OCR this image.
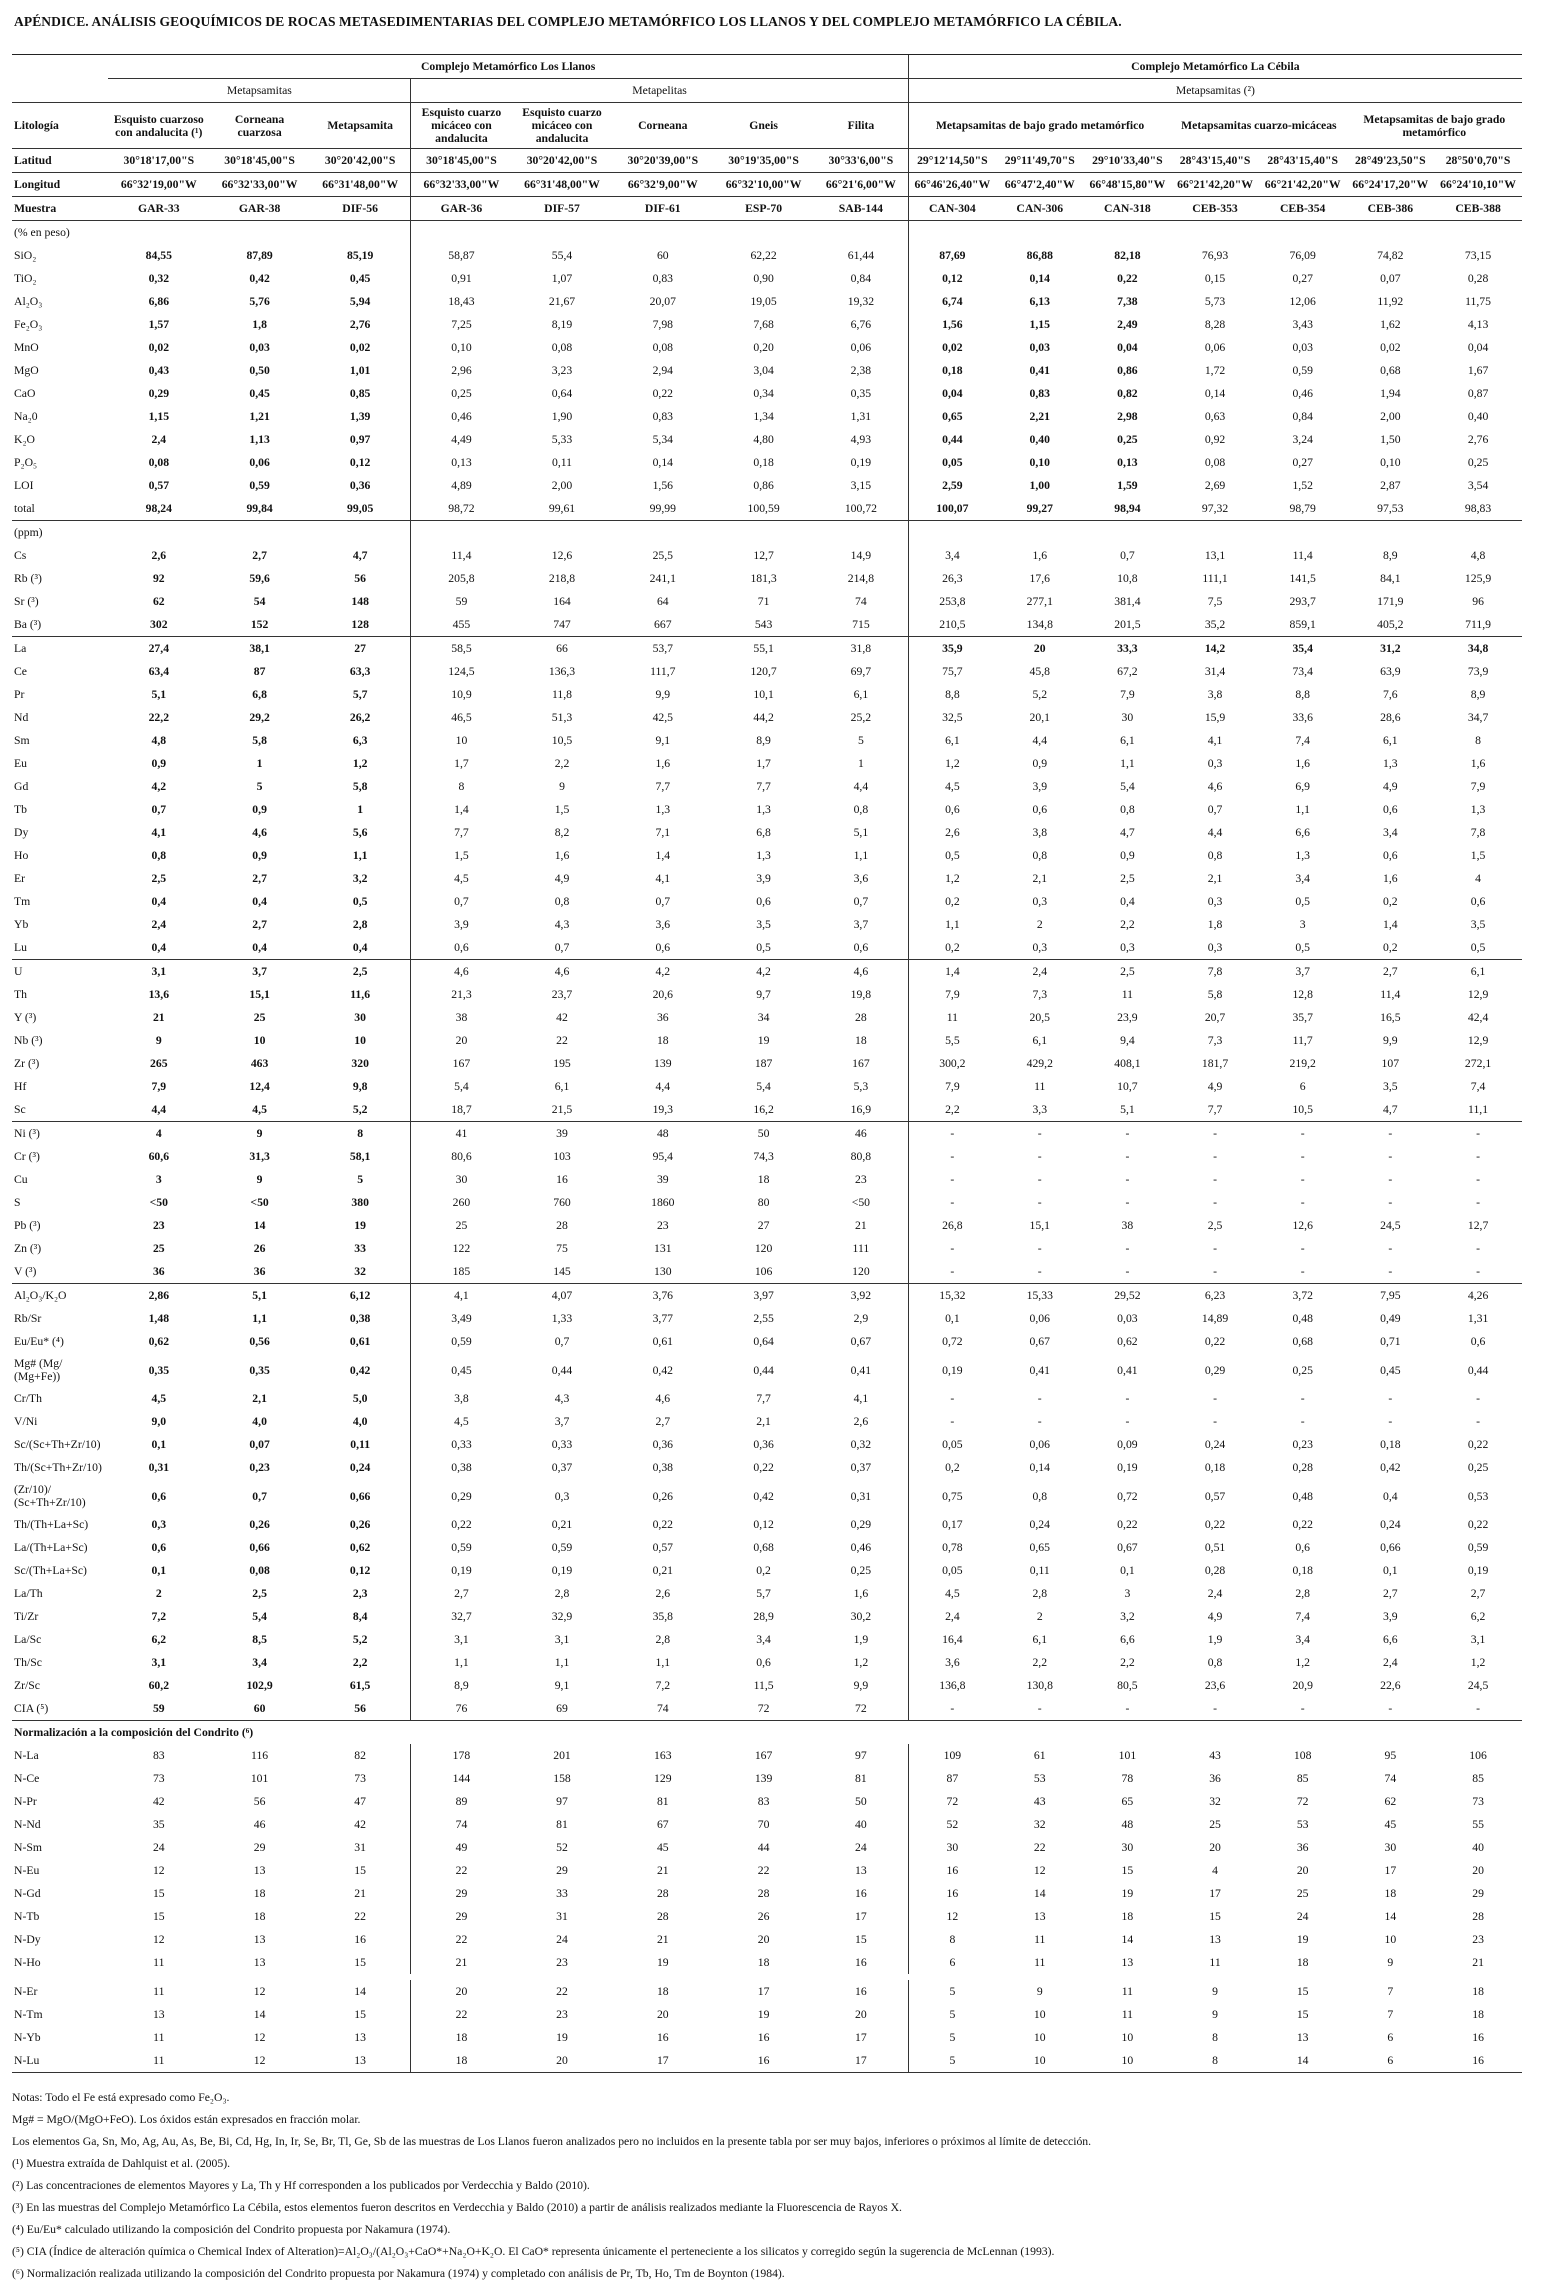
APÉNDICE. ANÁLISIS GEOQUÍMICOS DE ROCAS METASEDIMENTARIAS DEL COMPLEJO METAMÓRFICO LOS LLANOS Y DEL COMPLEJO METAMÓRFICO LA CÉBILA.
	Complejo Metamórfico Los Llanos								Complejo Metamórfico La Cébila						
	Metapsamitas			Metapelitas					Metapsamitas (²)						
Litología	Esquisto cuarzoso con andalucita (¹)	Corneana cuarzosa	Metapsamita	Esquisto cuarzo micáceo con andalucita	Esquisto cuarzo micáceo con andalucita	Corneana	Gneis	Filita	Metapsamitas de bajo grado metamórfico			Metapsamitas cuarzo-micáceas		Metapsamitas de bajo grado metamórfico	
Latitud	30°18'17,00"S	30°18'45,00"S	30°20'42,00"S	30°18'45,00"S	30°20'42,00"S	30°20'39,00"S	30°19'35,00"S	30°33'6,00"S	29°12'14,50"S	29°11'49,70"S	29°10'33,40"S	28°43'15,40"S	28°43'15,40"S	28°49'23,50"S	28°50'0,70"S
Longitud	66°32'19,00"W	66°32'33,00"W	66°31'48,00"W	66°32'33,00"W	66°31'48,00"W	66°32'9,00"W	66°32'10,00"W	66°21'6,00"W	66°46'26,40"W	66°47'2,40"W	66°48'15,80"W	66°21'42,20"W	66°21'42,20"W	66°24'17,20"W	66°24'10,10"W
Muestra	GAR-33	GAR-38	DIF-56	GAR-36	DIF-57	DIF-61	ESP-70	SAB-144	CAN-304	CAN-306	CAN-318	CEB-353	CEB-354	CEB-386	CEB-388
(% en peso)															
SiO₂	84,55	87,89	85,19	58,87	55,4	60	62,22	61,44	87,69	86,88	82,18	76,93	76,09	74,82	73,15
TiO₂	0,32	0,42	0,45	0,91	1,07	0,83	0,90	0,84	0,12	0,14	0,22	0,15	0,27	0,07	0,28
Al₂O₃	6,86	5,76	5,94	18,43	21,67	20,07	19,05	19,32	6,74	6,13	7,38	5,73	12,06	11,92	11,75
Fe₂O₃	1,57	1,8	2,76	7,25	8,19	7,98	7,68	6,76	1,56	1,15	2,49	8,28	3,43	1,62	4,13
MnO	0,02	0,03	0,02	0,10	0,08	0,08	0,20	0,06	0,02	0,03	0,04	0,06	0,03	0,02	0,04
MgO	0,43	0,50	1,01	2,96	3,23	2,94	3,04	2,38	0,18	0,41	0,86	1,72	0,59	0,68	1,67
CaO	0,29	0,45	0,85	0,25	0,64	0,22	0,34	0,35	0,04	0,83	0,82	0,14	0,46	1,94	0,87
Na₂0	1,15	1,21	1,39	0,46	1,90	0,83	1,34	1,31	0,65	2,21	2,98	0,63	0,84	2,00	0,40
K₂O	2,4	1,13	0,97	4,49	5,33	5,34	4,80	4,93	0,44	0,40	0,25	0,92	3,24	1,50	2,76
P₂O₅	0,08	0,06	0,12	0,13	0,11	0,14	0,18	0,19	0,05	0,10	0,13	0,08	0,27	0,10	0,25
LOI	0,57	0,59	0,36	4,89	2,00	1,56	0,86	3,15	2,59	1,00	1,59	2,69	1,52	2,87	3,54
total	98,24	99,84	99,05	98,72	99,61	99,99	100,59	100,72	100,07	99,27	98,94	97,32	98,79	97,53	98,83
(ppm)															
Cs	2,6	2,7	4,7	11,4	12,6	25,5	12,7	14,9	3,4	1,6	0,7	13,1	11,4	8,9	4,8
Rb (³)	92	59,6	56	205,8	218,8	241,1	181,3	214,8	26,3	17,6	10,8	111,1	141,5	84,1	125,9
Sr (³)	62	54	148	59	164	64	71	74	253,8	277,1	381,4	7,5	293,7	171,9	96
Ba (³)	302	152	128	455	747	667	543	715	210,5	134,8	201,5	35,2	859,1	405,2	711,9
La	27,4	38,1	27	58,5	66	53,7	55,1	31,8	35,9	20	33,3	14,2	35,4	31,2	34,8
Ce	63,4	87	63,3	124,5	136,3	111,7	120,7	69,7	75,7	45,8	67,2	31,4	73,4	63,9	73,9
Pr	5,1	6,8	5,7	10,9	11,8	9,9	10,1	6,1	8,8	5,2	7,9	3,8	8,8	7,6	8,9
Nd	22,2	29,2	26,2	46,5	51,3	42,5	44,2	25,2	32,5	20,1	30	15,9	33,6	28,6	34,7
Sm	4,8	5,8	6,3	10	10,5	9,1	8,9	5	6,1	4,4	6,1	4,1	7,4	6,1	8
Eu	0,9	1	1,2	1,7	2,2	1,6	1,7	1	1,2	0,9	1,1	0,3	1,6	1,3	1,6
Gd	4,2	5	5,8	8	9	7,7	7,7	4,4	4,5	3,9	5,4	4,6	6,9	4,9	7,9
Tb	0,7	0,9	1	1,4	1,5	1,3	1,3	0,8	0,6	0,6	0,8	0,7	1,1	0,6	1,3
Dy	4,1	4,6	5,6	7,7	8,2	7,1	6,8	5,1	2,6	3,8	4,7	4,4	6,6	3,4	7,8
Ho	0,8	0,9	1,1	1,5	1,6	1,4	1,3	1,1	0,5	0,8	0,9	0,8	1,3	0,6	1,5
Er	2,5	2,7	3,2	4,5	4,9	4,1	3,9	3,6	1,2	2,1	2,5	2,1	3,4	1,6	4
Tm	0,4	0,4	0,5	0,7	0,8	0,7	0,6	0,7	0,2	0,3	0,4	0,3	0,5	0,2	0,6
Yb	2,4	2,7	2,8	3,9	4,3	3,6	3,5	3,7	1,1	2	2,2	1,8	3	1,4	3,5
Lu	0,4	0,4	0,4	0,6	0,7	0,6	0,5	0,6	0,2	0,3	0,3	0,3	0,5	0,2	0,5
U	3,1	3,7	2,5	4,6	4,6	4,2	4,2	4,6	1,4	2,4	2,5	7,8	3,7	2,7	6,1
Th	13,6	15,1	11,6	21,3	23,7	20,6	9,7	19,8	7,9	7,3	11	5,8	12,8	11,4	12,9
Y (³)	21	25	30	38	42	36	34	28	11	20,5	23,9	20,7	35,7	16,5	42,4
Nb (³)	9	10	10	20	22	18	19	18	5,5	6,1	9,4	7,3	11,7	9,9	12,9
Zr (³)	265	463	320	167	195	139	187	167	300,2	429,2	408,1	181,7	219,2	107	272,1
Hf	7,9	12,4	9,8	5,4	6,1	4,4	5,4	5,3	7,9	11	10,7	4,9	6	3,5	7,4
Sc	4,4	4,5	5,2	18,7	21,5	19,3	16,2	16,9	2,2	3,3	5,1	7,7	10,5	4,7	11,1
Ni (³)	4	9	8	41	39	48	50	46	-	-	-	-	-	-	-
Cr (³)	60,6	31,3	58,1	80,6	103	95,4	74,3	80,8	-	-	-	-	-	-	-
Cu	3	9	5	30	16	39	18	23	-	-	-	-	-	-	-
S	<50	<50	380	260	760	1860	80	<50	-	-	-	-	-	-	-
Pb (³)	23	14	19	25	28	23	27	21	26,8	15,1	38	2,5	12,6	24,5	12,7
Zn (³)	25	26	33	122	75	131	120	111	-	-	-	-	-	-	-
V (³)	36	36	32	185	145	130	106	120	-	-	-	-	-	-	-
Al₂O₃/K₂O	2,86	5,1	6,12	4,1	4,07	3,76	3,97	3,92	15,32	15,33	29,52	6,23	3,72	7,95	4,26
Rb/Sr	1,48	1,1	0,38	3,49	1,33	3,77	2,55	2,9	0,1	0,06	0,03	14,89	0,48	0,49	1,31
Eu/Eu* (⁴)	0,62	0,56	0,61	0,59	0,7	0,61	0,64	0,67	0,72	0,67	0,62	0,22	0,68	0,71	0,6
Mg# (Mg/ (Mg+Fe))	0,35	0,35	0,42	0,45	0,44	0,42	0,44	0,41	0,19	0,41	0,41	0,29	0,25	0,45	0,44
Cr/Th	4,5	2,1	5,0	3,8	4,3	4,6	7,7	4,1	-	-	-	-	-	-	-
V/Ni	9,0	4,0	4,0	4,5	3,7	2,7	2,1	2,6	-	-	-	-	-	-	-
Sc/(Sc+Th+Zr/10)	0,1	0,07	0,11	0,33	0,33	0,36	0,36	0,32	0,05	0,06	0,09	0,24	0,23	0,18	0,22
Th/(Sc+Th+Zr/10)	0,31	0,23	0,24	0,38	0,37	0,38	0,22	0,37	0,2	0,14	0,19	0,18	0,28	0,42	0,25
(Zr/10)/ (Sc+Th+Zr/10)	0,6	0,7	0,66	0,29	0,3	0,26	0,42	0,31	0,75	0,8	0,72	0,57	0,48	0,4	0,53
Th/(Th+La+Sc)	0,3	0,26	0,26	0,22	0,21	0,22	0,12	0,29	0,17	0,24	0,22	0,22	0,22	0,24	0,22
La/(Th+La+Sc)	0,6	0,66	0,62	0,59	0,59	0,57	0,68	0,46	0,78	0,65	0,67	0,51	0,6	0,66	0,59
Sc/(Th+La+Sc)	0,1	0,08	0,12	0,19	0,19	0,21	0,2	0,25	0,05	0,11	0,1	0,28	0,18	0,1	0,19
La/Th	2	2,5	2,3	2,7	2,8	2,6	5,7	1,6	4,5	2,8	3	2,4	2,8	2,7	2,7
Ti/Zr	7,2	5,4	8,4	32,7	32,9	35,8	28,9	30,2	2,4	2	3,2	4,9	7,4	3,9	6,2
La/Sc	6,2	8,5	5,2	3,1	3,1	2,8	3,4	1,9	16,4	6,1	6,6	1,9	3,4	6,6	3,1
Th/Sc	3,1	3,4	2,2	1,1	1,1	1,1	0,6	1,2	3,6	2,2	2,2	0,8	1,2	2,4	1,2
Zr/Sc	60,2	102,9	61,5	8,9	9,1	7,2	11,5	9,9	136,8	130,8	80,5	23,6	20,9	22,6	24,5
CIA (⁵)	59	60	56	76	69	74	72	72	-	-	-	-	-	-	-
Normalización a la composición del Condrito (⁶)															
N-La	83	116	82	178	201	163	167	97	109	61	101	43	108	95	106
N-Ce	73	101	73	144	158	129	139	81	87	53	78	36	85	74	85
N-Pr	42	56	47	89	97	81	83	50	72	43	65	32	72	62	73
N-Nd	35	46	42	74	81	67	70	40	52	32	48	25	53	45	55
N-Sm	24	29	31	49	52	45	44	24	30	22	30	20	36	30	40
N-Eu	12	13	15	22	29	21	22	13	16	12	15	4	20	17	20
N-Gd	15	18	21	29	33	28	28	16	16	14	19	17	25	18	29
N-Tb	15	18	22	29	31	28	26	17	12	13	18	15	24	14	28
N-Dy	12	13	16	22	24	21	20	15	8	11	14	13	19	10	23
N-Ho	11	13	15	21	23	19	18	16	6	11	13	11	18	9	21

N-Er	11	12	14	20	22	18	17	16	5	9	11	9	15	7	18
N-Tm	13	14	15	22	23	20	19	20	5	10	11	9	15	7	18
N-Yb	11	12	13	18	19	16	16	17	5	10	10	8	13	6	16
N-Lu	11	12	13	18	20	17	16	17	5	10	10	8	14	6	16
Notas: Todo el Fe está expresado como Fe₂O₃.
Mg# = MgO/(MgO+FeO). Los óxidos están expresados en fracción molar.
Los elementos Ga, Sn, Mo, Ag, Au, As, Be, Bi, Cd, Hg, In, Ir, Se, Br, Tl, Ge, Sb de las muestras de Los Llanos fueron analizados pero no incluidos en la presente tabla por ser muy bajos, inferiores o próximos al límite de detección.
(¹) Muestra extraída de Dahlquist et al. (2005).
(²) Las concentraciones de elementos Mayores y La, Th y Hf corresponden a los publicados por Verdecchia y Baldo (2010).
(³) En las muestras del Complejo Metamórfico La Cébila, estos elementos fueron descritos en Verdecchia y Baldo (2010) a partir de análisis realizados mediante la Fluorescencia de Rayos X.
(⁴) Eu/Eu* calculado utilizando la composición del Condrito propuesta por Nakamura (1974).
(⁵) CIA (Índice de alteración química o Chemical Index of Alteration)=Al₂O₃/(Al₂O₃+CaO*+Na₂O+K₂O. El CaO* representa únicamente el perteneciente a los silicatos y corregido según la sugerencia de McLennan (1993).
(⁶) Normalización realizada utilizando la composición del Condrito propuesta por Nakamura (1974) y completado con análisis de Pr, Tb, Ho, Tm de Boynton (1984).
